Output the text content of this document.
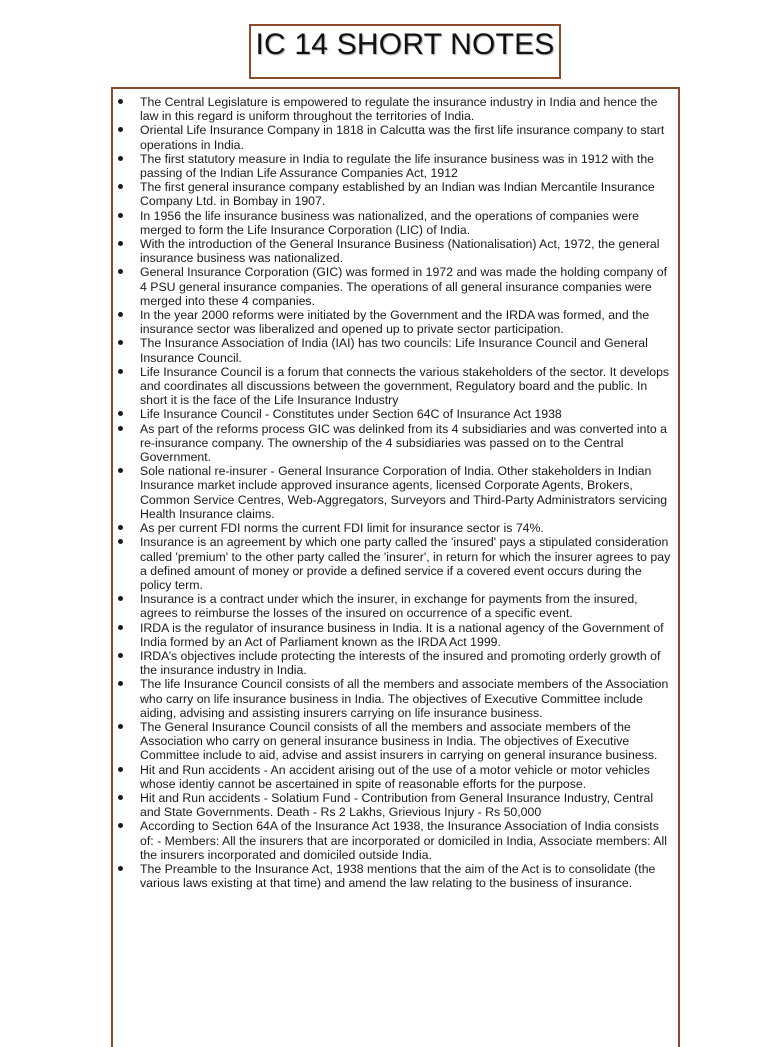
IC 14 SHORT NOTES
The Central Legislature is empowered to regulate the insurance industry in India and hence the law in this regard is uniform throughout the territories of India.
Oriental Life Insurance Company in 1818 in Calcutta was the first life insurance company to start operations in India.
The first statutory measure in India to regulate the life insurance business was in 1912 with the passing of the Indian Life Assurance Companies Act, 1912
The first general insurance company established by an Indian was Indian Mercantile Insurance Company Ltd. in Bombay in 1907.
In 1956 the life insurance business was nationalized, and the operations of companies were merged to form the Life Insurance Corporation (LIC) of India.
With the introduction of the General Insurance Business (Nationalisation) Act, 1972, the general insurance business was nationalized.
General Insurance Corporation (GIC) was formed in 1972 and was made the holding company of 4 PSU general insurance companies. The operations of all general insurance companies were merged into these 4 companies.
In the year 2000 reforms were initiated by the Government and the IRDA was formed, and the insurance sector was liberalized and opened up to private sector participation.
The Insurance Association of India (IAI) has two councils: Life Insurance Council and General Insurance Council.
Life Insurance Council is a forum that connects the various stakeholders of the sector. It develops and coordinates all discussions between the government, Regulatory board and the public. In short it is the face of the Life Insurance Industry
Life Insurance Council - Constitutes under Section 64C of Insurance Act 1938
As part of the reforms process GIC was delinked from its 4 subsidiaries and was converted into a re-insurance company. The ownership of the 4 subsidiaries was passed on to the Central Government.
Sole national re-insurer - General Insurance Corporation of India. Other stakeholders in Indian Insurance market include approved insurance agents, licensed Corporate Agents, Brokers, Common Service Centres, Web-Aggregators, Surveyors and Third-Party Administrators servicing Health Insurance claims.
As per current FDI norms the current FDI limit for insurance sector is 74%.
Insurance is an agreement by which one party called the 'insured' pays a stipulated consideration called 'premium' to the other party called the 'insurer', in return for which the insurer agrees to pay a defined amount of money or provide a defined service if a covered event occurs during the policy term.
Insurance is a contract under which the insurer, in exchange for payments from the insured, agrees to reimburse the losses of the insured on occurrence of a specific event.
IRDA is the regulator of insurance business in India. It is a national agency of the Government of India formed by an Act of Parliament known as the IRDA Act 1999.
IRDA’s objectives include protecting the interests of the insured and promoting orderly growth of the insurance industry in India.
The life Insurance Council consists of all the members and associate members of the Association who carry on life insurance business in India. The objectives of Executive Committee include aiding, advising and assisting insurers carrying on life insurance business.
The General Insurance Council consists of all the members and associate members of the Association who carry on general insurance business in India. The objectives of Executive Committee include to aid, advise and assist insurers in carrying on general insurance business.
Hit and Run accidents - An accident arising out of the use of a motor vehicle or motor vehicles whose identiy cannot be ascertained in spite of reasonable efforts for the purpose.
Hit and Run accidents - Solatium Fund - Contribution from General Insurance Industry, Central and State Governments. Death - Rs 2 Lakhs, Grievious Injury - Rs 50,000
According to Section 64A of the Insurance Act 1938, the Insurance Association of India consists of: - Members: All the insurers that are incorporated or domiciled in India, Associate members: All the insurers incorporated and domiciled outside India.
The Preamble to the Insurance Act, 1938 mentions that the aim of the Act is to consolidate (the various laws existing at that time) and amend the law relating to the business of insurance.
